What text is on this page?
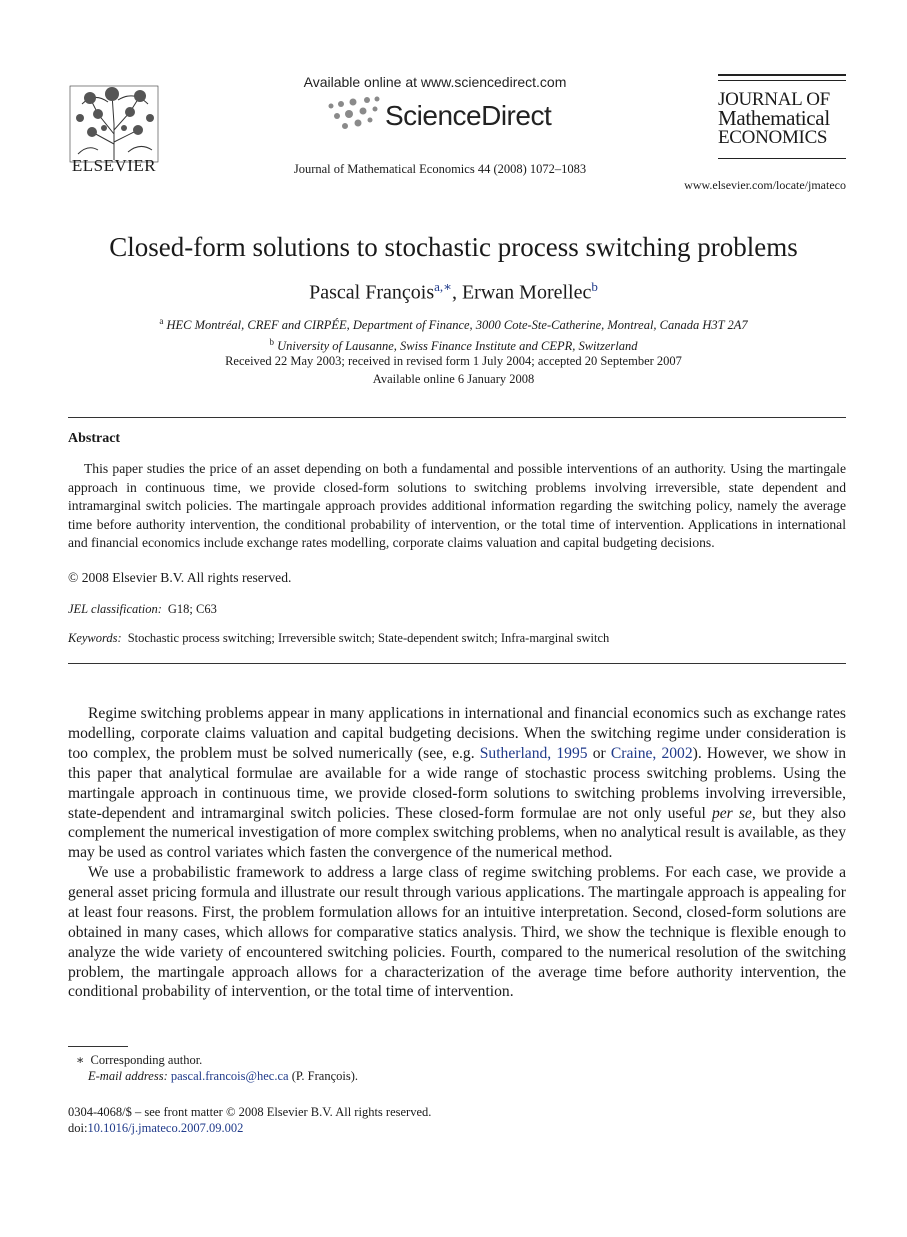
ELSEVIER
Available online at www.sciencedirect.com
ScienceDirect
Journal of Mathematical Economics 44 (2008) 1072–1083
JOURNAL OF
Mathematical
ECONOMICS
www.elsevier.com/locate/jmateco
Closed-form solutions to stochastic process switching problems
Pascal François$^{a,∗}$, Erwan Morellec$^b$
$^a$ HEC Montréal, CREF and CIRPÉE, Department of Finance, 3000 Cote-Ste-Catherine, Montreal, Canada H3T 2A7
$^b$ University of Lausanne, Swiss Finance Institute and CEPR, Switzerland
Received 22 May 2003; received in revised form 1 July 2004; accepted 20 September 2007
Available online 6 January 2008
Abstract
This paper studies the price of an asset depending on both a fundamental and possible interventions of an authority. Using the martingale approach in continuous time, we provide closed-form solutions to switching problems involving irreversible, state dependent and intramarginal switch policies. The martingale approach provides additional information regarding the switching policy, namely the average time before authority intervention, the conditional probability of intervention, or the total time of intervention. Applications in international and financial economics include exchange rates modelling, corporate claims valuation and capital budgeting decisions.
© 2008 Elsevier B.V. All rights reserved.
JEL classification: G18; C63
Keywords: Stochastic process switching; Irreversible switch; State-dependent switch; Infra-marginal switch
Regime switching problems appear in many applications in international and financial economics such as exchange rates modelling, corporate claims valuation and capital budgeting decisions. When the switching regime under consideration is too complex, the problem must be solved numerically (see, e.g. Sutherland, 1995 or Craine, 2002). However, we show in this paper that analytical formulae are available for a wide range of stochastic process switching problems. Using the martingale approach in continuous time, we provide closed-form solutions to switching problems involving irreversible, state-dependent and intramarginal switch policies. These closed-form formulae are not only useful per se, but they also complement the numerical investigation of more complex switching problems, when no analytical result is available, as they may be used as control variates which fasten the convergence of the numerical method.
We use a probabilistic framework to address a large class of regime switching problems. For each case, we provide a general asset pricing formula and illustrate our result through various applications. The martingale approach is appealing for at least four reasons. First, the problem formulation allows for an intuitive interpretation. Second, closed-form solutions are obtained in many cases, which allows for comparative statics analysis. Third, we show the technique is flexible enough to analyze the wide variety of encountered switching policies. Fourth, compared to the numerical resolution of the switching problem, the martingale approach allows for a characterization of the average time before authority intervention, the conditional probability of intervention, or the total time of intervention.
∗ Corresponding author.
E-mail address: pascal.francois@hec.ca (P. François).
0304-4068/$ – see front matter © 2008 Elsevier B.V. All rights reserved.
doi:10.1016/j.jmateco.2007.09.002
